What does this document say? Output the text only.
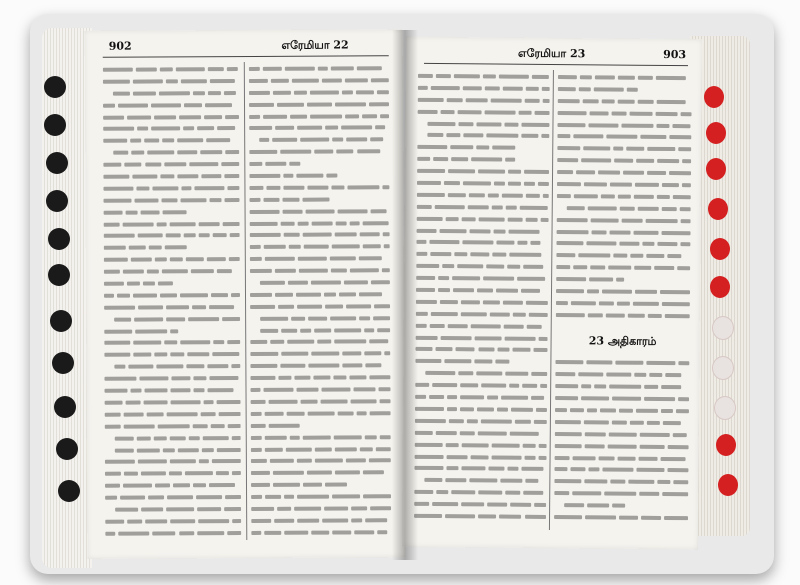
902	எரேமியா 22
எரேமியா 23	903
23 அதிகாரம்
